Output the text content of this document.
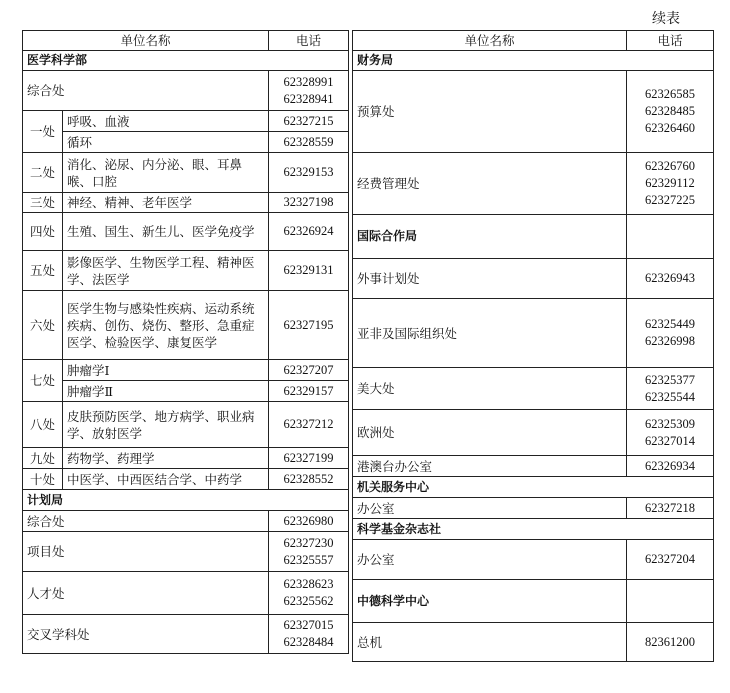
续表
单位名称		电话
医学科学部		
综合处		62328991
62328941

一处	呼吸、血液	62327215
	循环	62328559
二处	消化、泌尿、内分泌、眼、耳鼻喉、口腔	62329153
三处	神经、精神、老年医学	32327198
四处	生殖、国生、新生儿、医学免疫学	62326924
五处	影像医学、生物医学工程、精神医学、法医学	62329131
六处	医学生物与感染性疾病、运动系统疾病、创伤、烧伤、整形、急重症医学、检验医学、康复医学	62327195
七处	肿瘤学Ⅰ	62327207
	肿瘤学Ⅱ	62329157
八处	皮肤预防医学、地方病学、职业病学、放射医学	62327212
九处	药物学、药理学	62327199
十处	中医学、中西医结合学、中药学	62328552
计划局		
综合处		62326980
项目处		62327230
62325557

人才处		62328623
62325562

交叉学科处		62327015
62328484
单位名称	电话
财务局	
预算处	62326585
62328485
62326460

经费管理处	62326760
62329112
62327225

国际合作局	
外事计划处	62326943
亚非及国际组织处	62325449
62326998

美大处	62325377
62325544

欧洲处	62325309
62327014

港澳台办公室	62326934
机关服务中心	
办公室	62327218
科学基金杂志社	
办公室	62327204
中德科学中心	
总机	82361200
